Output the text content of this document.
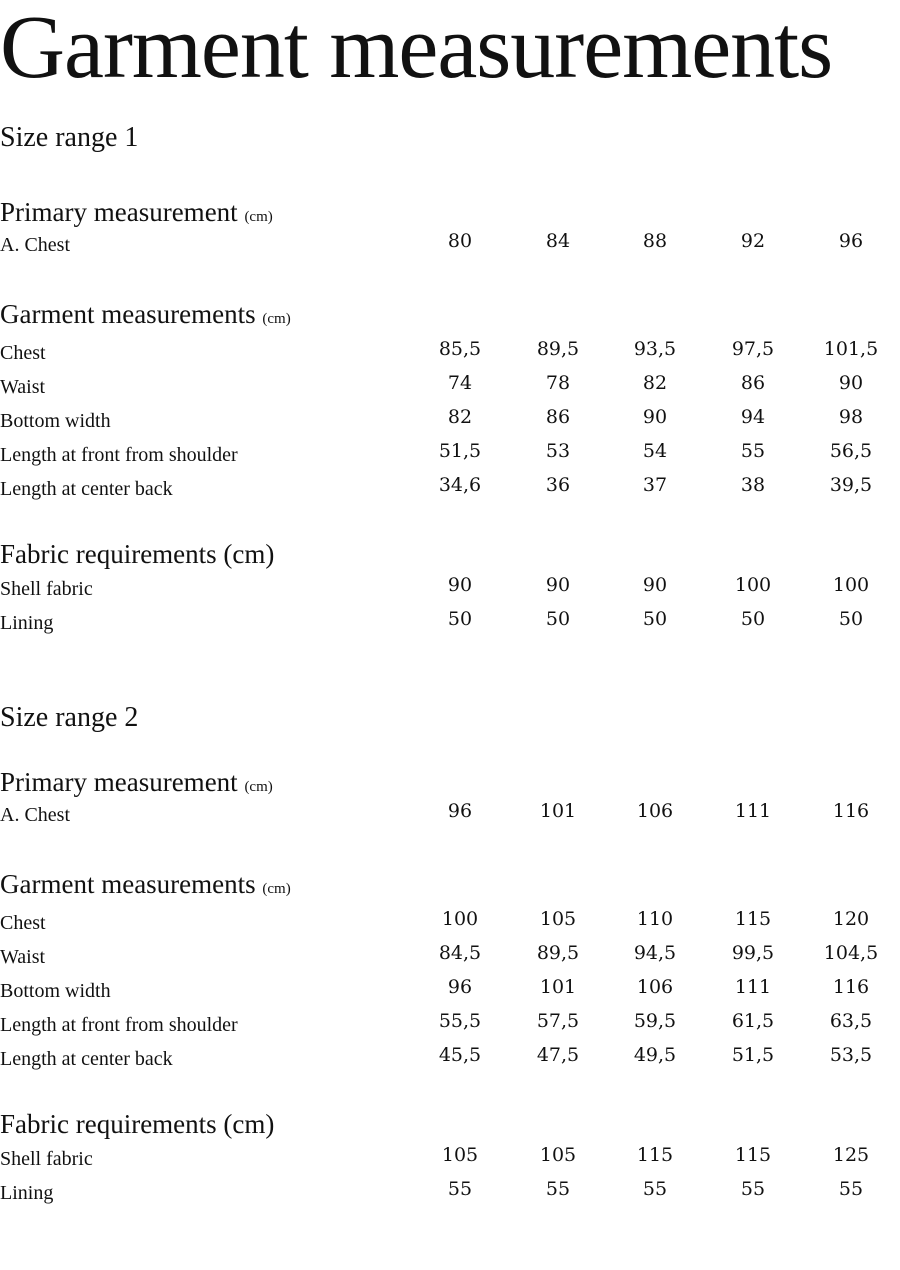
Garment measurements
Size range 1
Primary measurement (cm)
A. Chest	80	84	88	92	96
Garment measurements (cm)
Chest	85,5	89,5	93,5	97,5	101,5
Waist	74	78	82	86	90
Bottom width	82	86	90	94	98
Length at front from shoulder	51,5	53	54	55	56,5
Length at center back	34,6	36	37	38	39,5
Fabric requirements (cm)
Shell fabric	90	90	90	100	100
Lining	50	50	50	50	50
Size range 2
Primary measurement (cm)
A. Chest	96	101	106	111	116
Garment measurements (cm)
Chest	100	105	110	115	120
Waist	84,5	89,5	94,5	99,5	104,5
Bottom width	96	101	106	111	116
Length at front from shoulder	55,5	57,5	59,5	61,5	63,5
Length at center back	45,5	47,5	49,5	51,5	53,5
Fabric requirements (cm)
Shell fabric	105	105	115	115	125
Lining	55	55	55	55	55
